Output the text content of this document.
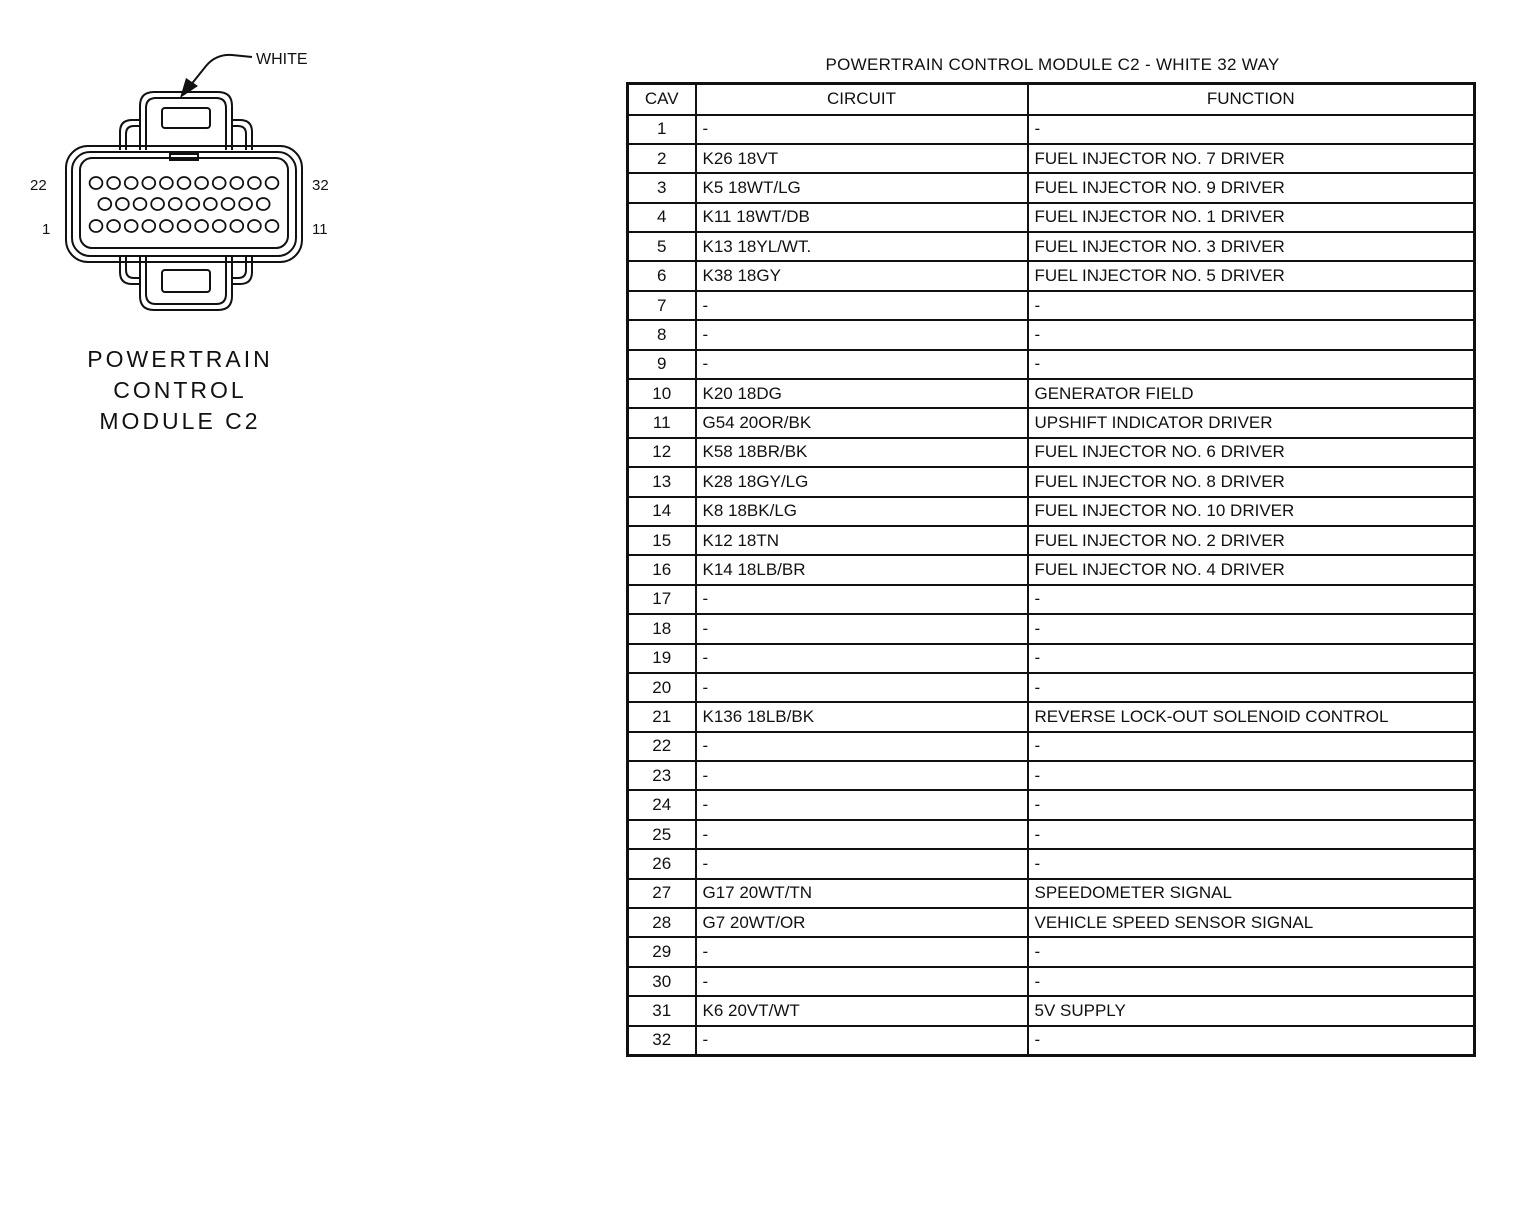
WHITE
22	32
1	11
POWERTRAIN
CONTROL
MODULE C2
POWERTRAIN CONTROL MODULE C2 - WHITE 32 WAY
CAV	CIRCUIT	FUNCTION
1	-	-
2	K26 18VT	FUEL INJECTOR NO. 7 DRIVER
3	K5 18WT/LG	FUEL INJECTOR NO. 9 DRIVER
4	K11 18WT/DB	FUEL INJECTOR NO. 1 DRIVER
5	K13 18YL/WT.	FUEL INJECTOR NO. 3 DRIVER
6	K38 18GY	FUEL INJECTOR NO. 5 DRIVER
7	-	-
8	-	-
9	-	-
10	K20 18DG	GENERATOR FIELD
11	G54 20OR/BK	UPSHIFT INDICATOR DRIVER
12	K58 18BR/BK	FUEL INJECTOR NO. 6 DRIVER
13	K28 18GY/LG	FUEL INJECTOR NO. 8 DRIVER
14	K8 18BK/LG	FUEL INJECTOR NO. 10 DRIVER
15	K12 18TN	FUEL INJECTOR NO. 2 DRIVER
16	K14 18LB/BR	FUEL INJECTOR NO. 4 DRIVER
17	-	-
18	-	-
19	-	-
20	-	-
21	K136 18LB/BK	REVERSE LOCK-OUT SOLENOID CONTROL
22	-	-
23	-	-
24	-	-
25	-	-
26	-	-
27	G17 20WT/TN	SPEEDOMETER SIGNAL
28	G7 20WT/OR	VEHICLE SPEED SENSOR SIGNAL
29	-	-
30	-	-
31	K6 20VT/WT	5V SUPPLY
32	-	-
